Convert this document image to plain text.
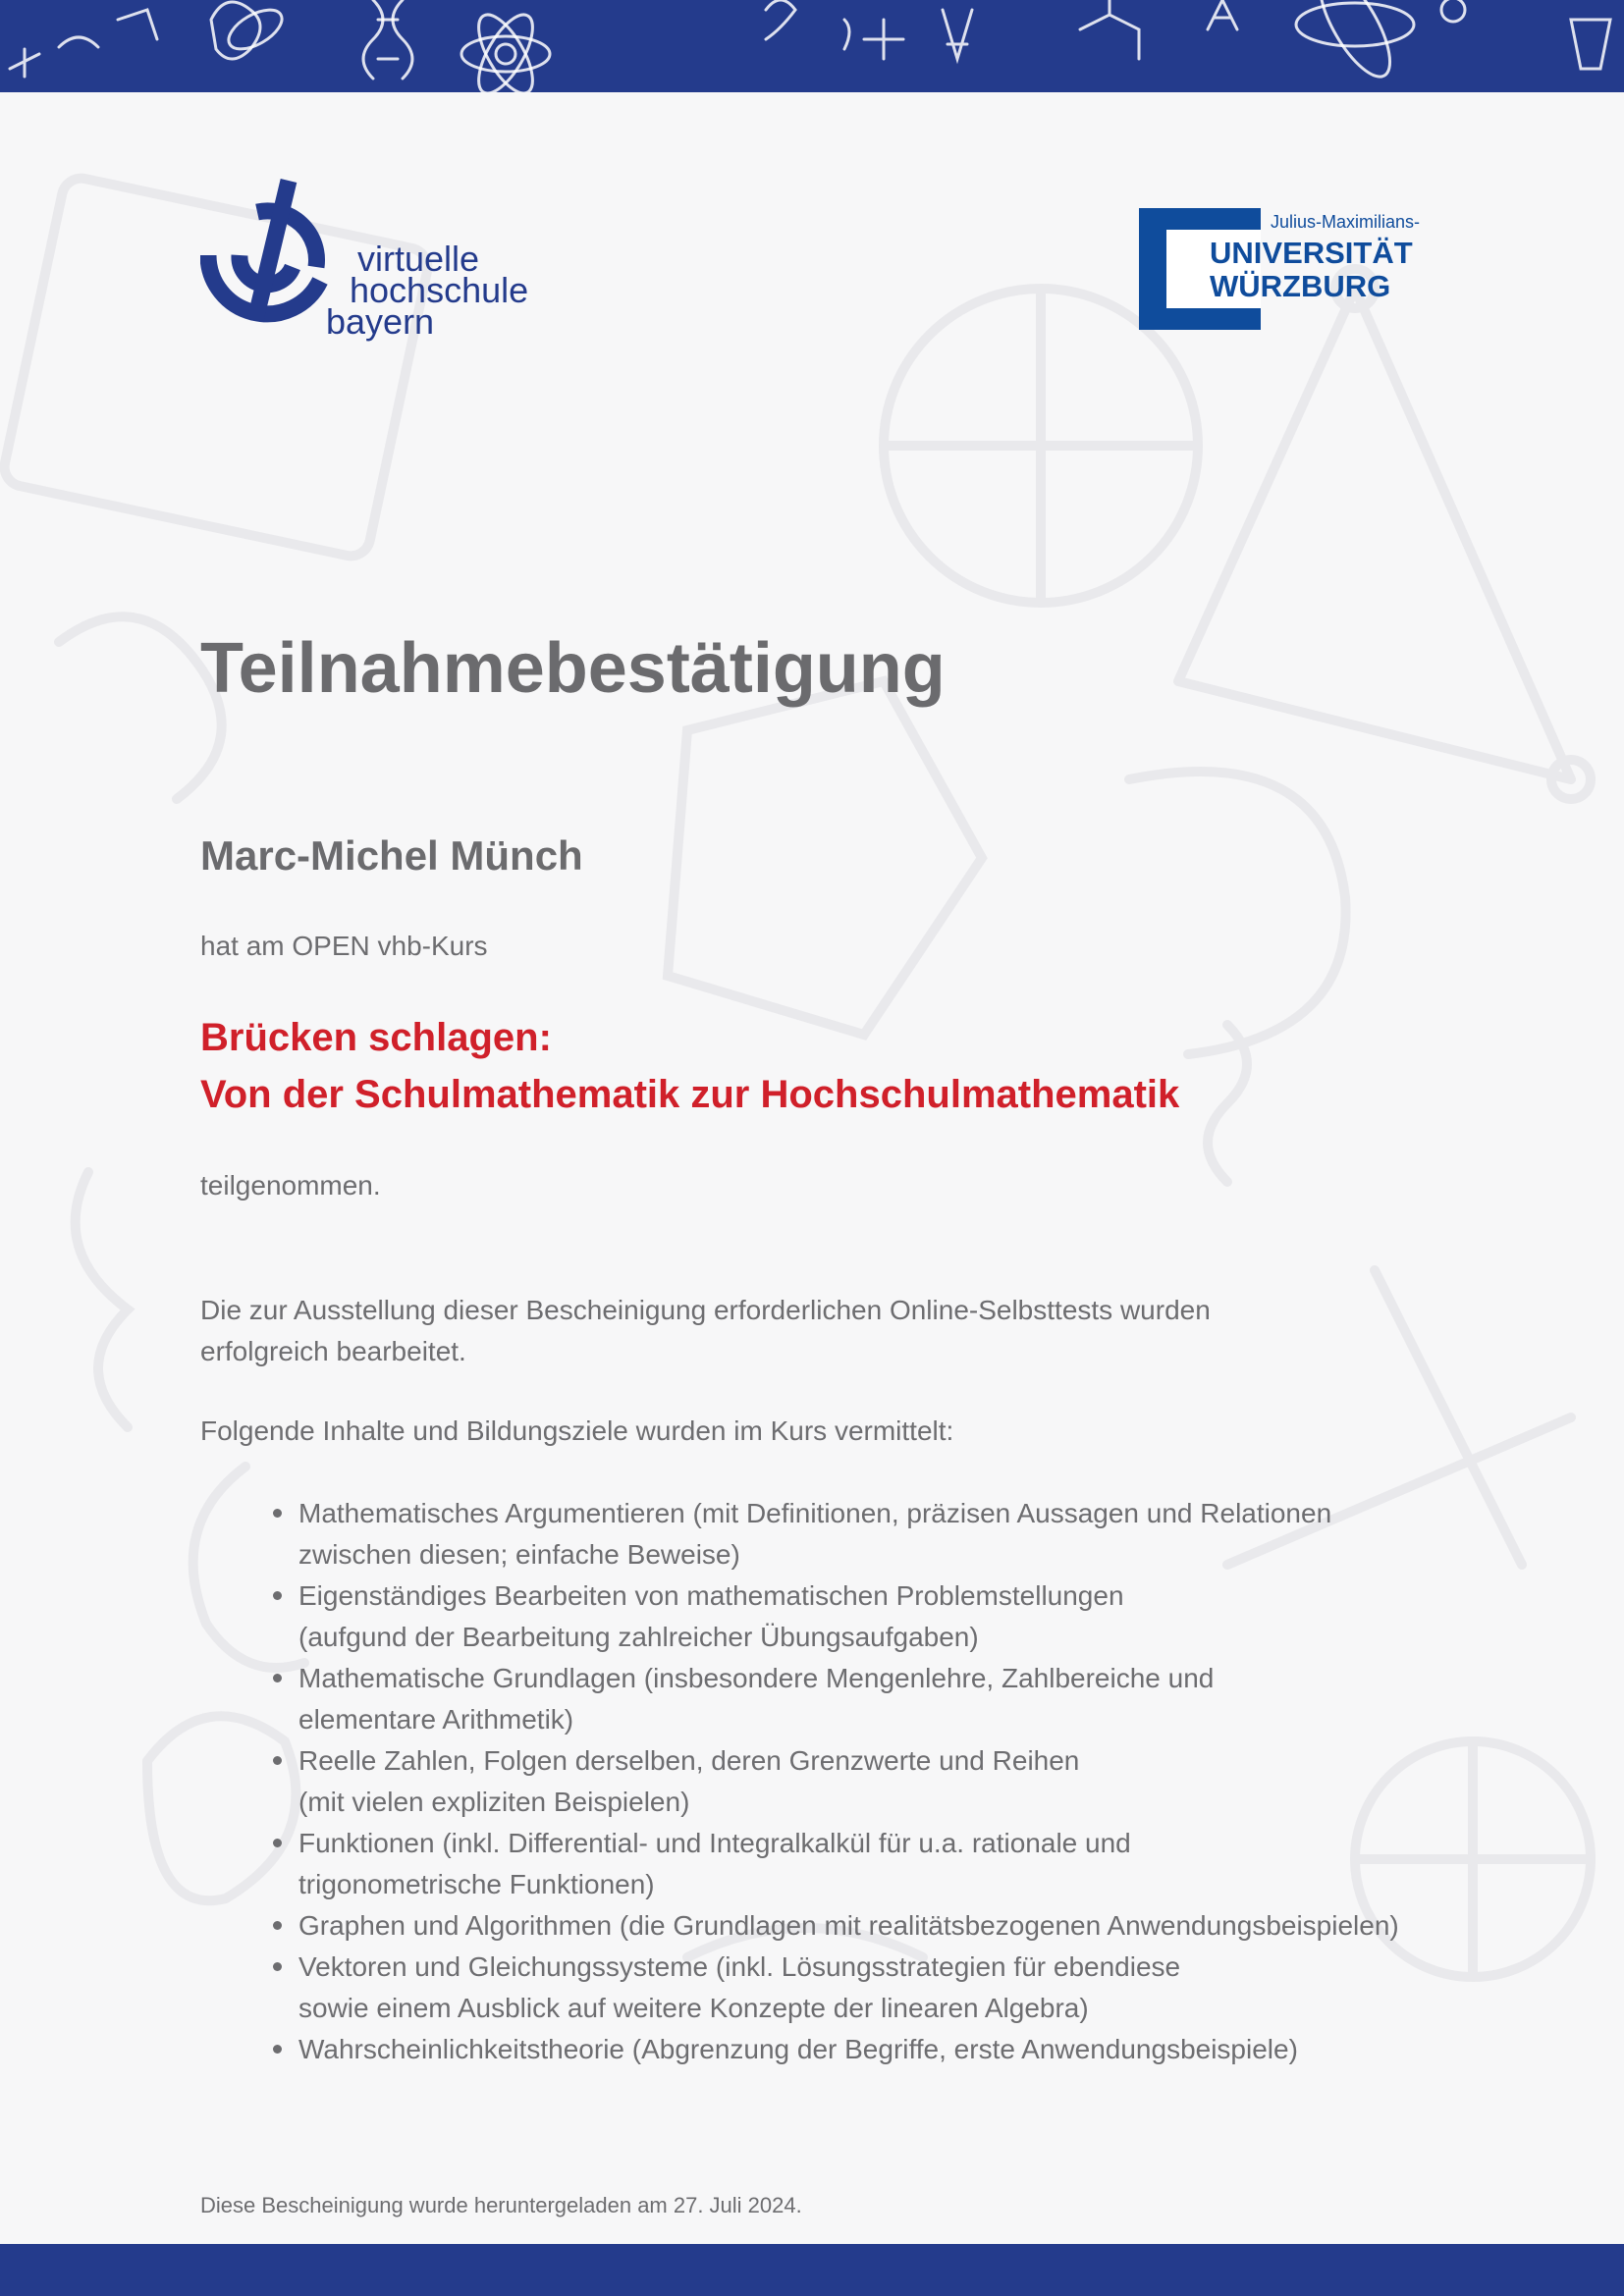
virtuelle
hochschule
bayern
Julius-Maximilians-
UNIVERSITÄT
WÜRZBURG
Teilnahmebestätigung
Marc-Michel Münch
hat am OPEN vhb-Kurs
Brücken schlagen:
Von der Schulmathematik zur Hochschulmathematik
teilgenommen.
Die zur Ausstellung dieser Bescheinigung erforderlichen Online-Selbsttests wurden
erfolgreich bearbeitet.
Folgende Inhalte und Bildungsziele wurden im Kurs vermittelt:
Mathematisches Argumentieren (mit Definitionen, präzisen Aussagen und Relationen
zwischen diesen; einfache Beweise)
Eigenständiges Bearbeiten von mathematischen Problemstellungen
(aufgund der Bearbeitung zahlreicher Übungsaufgaben)
Mathematische Grundlagen (insbesondere Mengenlehre, Zahlbereiche und
elementare Arithmetik)
Reelle Zahlen, Folgen derselben, deren Grenzwerte und Reihen
(mit vielen expliziten Beispielen)
Funktionen (inkl. Differential- und Integralkalkül für u.a. rationale und
trigonometrische Funktionen)
Graphen und Algorithmen (die Grundlagen mit realitätsbezogenen Anwendungsbeispielen)
Vektoren und Gleichungssysteme (inkl. Lösungsstrategien für ebendiese
sowie einem Ausblick auf weitere Konzepte der linearen Algebra)
Wahrscheinlichkeitstheorie (Abgrenzung der Begriffe, erste Anwendungsbeispiele)
Diese Bescheinigung wurde heruntergeladen am 27. Juli 2024.
